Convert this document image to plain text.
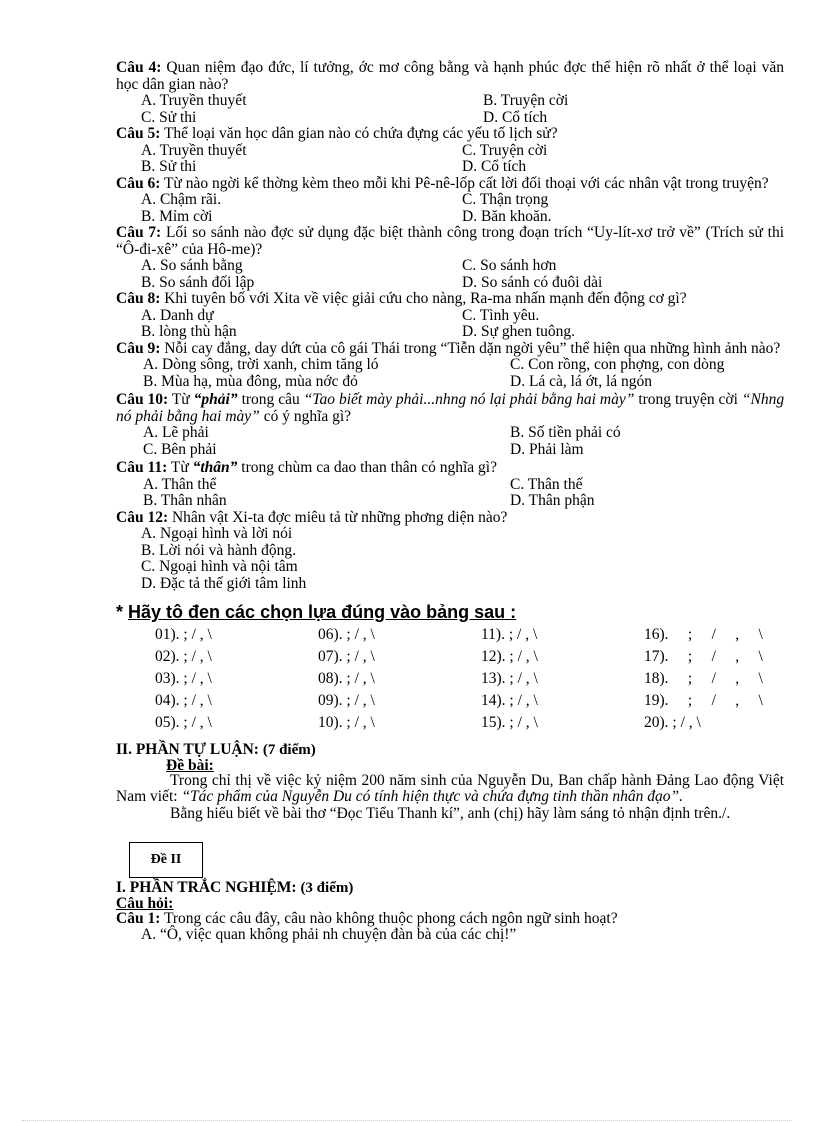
Câu 4: Quan niệm đạo đức, lí tưởng, ớc mơ công bằng và hạnh phúc đợc thể hiện rõ nhất ở thể loại văn học dân gian nào?
A. Truyền thuyết	B. Truyện cời
C. Sử thi	D. Cổ tích
Câu 5: Thể loại văn học dân gian nào có chứa đựng các yếu tố lịch sử?
A. Truyền thuyết	C. Truyện cời
B. Sử thi	D. Cổ tích
Câu 6: Từ nào ngời kể thờng kèm theo mỗi khi Pê-nê-lốp cất lời đối thoại với các nhân vật trong truyện?
A. Chậm rãi.	C. Thận trọng
B. Mỉm cời	D. Băn khoăn.
Câu 7: Lối so sánh nào đợc sử dụng đặc biệt thành công trong đoạn trích “Uy-lít-xơ trở về” (Trích sử thi “Ô-đi-xê” của Hô-me)?
A. So sánh bằng	C. So sánh hơn
B. So sánh đối lập	D. So sánh có đuôi dài
Câu 8: Khi tuyên bố với Xita về việc giải cứu cho nàng, Ra-ma nhấn mạnh đến động cơ gì?
A. Danh dự	C. Tình yêu.
B. lòng thù hận	D. Sự ghen tuông.
Câu 9: Nỗi cay đắng, day dứt của cô gái Thái trong “Tiễn dặn ngời yêu” thể hiện qua những hình ảnh nào?
A. Dòng sông, trời xanh, chim tăng ló	C. Con rồng, con phợng, con dòng
B. Mùa hạ, mùa đông, mùa nớc đỏ	D. Lá cà, lá ớt, lá ngón
Câu 10: Từ “phải” trong câu “Tao biết mày phải...nhng nó lại phải bằng hai mày” trong truyện cời “Nhng nó phải bằng hai mày” có ý nghĩa gì?
A. Lẽ phải	B. Số tiền phải có
C. Bên phải	D. Phải làm
Câu 11: Từ “thân” trong chùm ca dao than thân có nghĩa gì?
A. Thân thể	C. Thân thế
B. Thân nhân	D. Thân phận
Câu 12: Nhân vật Xi-ta đợc miêu tả từ những phơng diện nào?
A. Ngoại hình và lời nói
B. Lời nói và hành động.
C. Ngoại hình và nội tâm
D. Đặc tả thế giới tâm linh
* Hãy tô đen các chọn lựa đúng vào bảng sau :
01). ; / , \	06). ; / , \	11). ; / , \	16).     ;     /     ,     \
02). ; / , \	07). ; / , \	12). ; / , \	17).     ;     /     ,     \
03). ; / , \	08). ; / , \	13). ; / , \	18).     ;     /     ,     \
04). ; / , \	09). ; / , \	14). ; / , \	19).     ;     /     ,     \
05). ; / , \	10). ; / , \	15). ; / , \	20). ; / , \
II. PHẦN TỰ LUẬN: (7 điểm)
Đề bài:
Trong chỉ thị về việc kỷ niệm 200 năm sinh của Nguyễn Du, Ban chấp hành Đảng Lao động Việt Nam viết: “Tác phẩm của Nguyễn Du có tính hiện thực và chứa đựng tinh thần nhân đạo”.
Bằng hiểu biết về bài thơ “Đọc Tiểu Thanh kí”, anh (chị) hãy làm sáng tỏ nhận định trên./.
Đề II
I. PHẦN TRẮC NGHIỆM: (3 điểm)
Câu hỏi:
Câu 1: Trong các câu đây, câu nào không thuộc phong cách ngôn ngữ sinh hoạt?
A. “Ô, việc quan không phải nh chuyện đàn bà của các chị!”
